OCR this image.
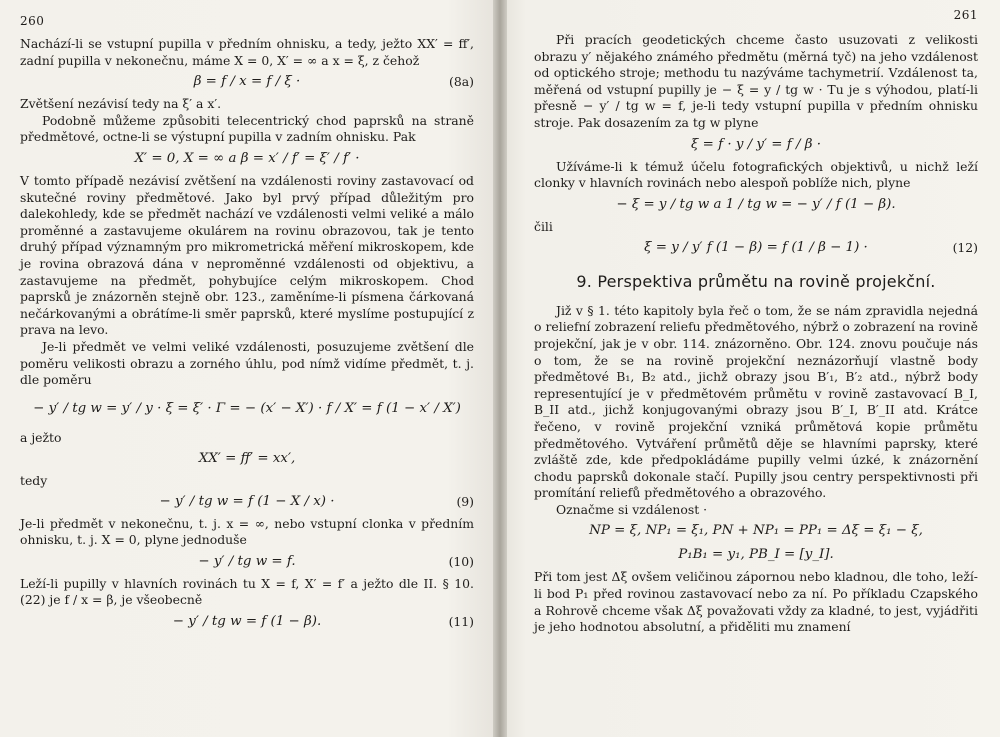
260

Nachází-li se vstupní pupilla v předním ohnisku, a tedy, ježto XX′ = ff′, zadní pupilla v nekonečnu, máme X = 0, X′ = ∞ a x = ξ, z čehož

β = f / x = f / ξ ·	(8a)

Zvětšení nezávisí tedy na ξ′ a x′.

Podobně můžeme způsobiti telecentrický chod paprsků na straně předmětové, octne-li se výstupní pupilla v zadním ohnisku. Pak

X′ = 0, X = ∞ a β = x′ / f′ = ξ′ / f′ ·

V tomto případě nezávisí zvětšení na vzdálenosti roviny zastavovací od skutečné roviny předmětové. Jako byl prvý případ důležitým pro dalekohledy, kde se předmět nachází ve vzdálenosti velmi veliké a málo proměnné a zastavujeme okulárem na rovinu obrazovou, tak je tento druhý případ významným pro mikrometrická měření mikroskopem, kde je rovina obrazová dána v neproměnné vzdálenosti od objektivu, a zastavujeme na předmět, pohybujíce celým mikroskopem. Chod paprsků je znázorněn stejně obr. 123., zaměníme-li písmena čárkovaná nečárkovanými a obrátíme-li směr paprsků, které myslíme postupující z prava na levo.

Je-li předmět ve velmi veliké vzdálenosti, posuzujeme zvětšení dle poměru velikosti obrazu a zorného úhlu, pod nímž vidíme předmět, t. j. dle poměru

− y′ / tg w = y′ / y · ξ = ξ′ · Γ = − (x′ − X′) · f / X′ = f (1 − x′ / X′)

a ježto

XX′ = ff′ = xx′,

tedy

− y′ / tg w = f (1 − X / x) ·	(9)

Je-li předmět v nekonečnu, t. j. x = ∞, nebo vstupní clonka v předním ohnisku, t. j. X = 0, plyne jednoduše

− y′ / tg w = f.	(10)

Leží-li pupilly v hlavních rovinách tu X = f, X′ = f′ a ježto dle II. § 10. (22) je f / x = β, je všeobecně

− y′ / tg w = f (1 − β).	(11)
261

Při pracích geodetických chceme často usuzovati z velikosti obrazu y′ nějakého známého předmětu (měrná tyč) na jeho vzdálenost od optického stroje; methodu tu nazýváme tachymetrií. Vzdálenost ta, měřená od vstupní pupilly je − ξ = y / tg w · Tu je s výhodou, platí-li přesně − y′ / tg w = f, je-li tedy vstupní pupilla v předním ohnisku stroje. Pak dosazením za tg w plyne

ξ = f · y / y′ = f / β ·

Užíváme-li k témuž účelu fotografických objektivů, u nichž leží clonky v hlavních rovinách nebo alespoň poblíže nich, plyne

− ξ = y / tg w a 1 / tg w = − y′ / f (1 − β).

čili

ξ = y / y′ f (1 − β) = f (1 / β − 1) ·	(12)
9. Perspektiva průmětu na rovině projekční.

Již v § 1. této kapitoly byla řeč o tom, že se nám zpravidla nejedná o reliefní zobrazení reliefu předmětového, nýbrž o zobrazení na rovině projekční, jak je v obr. 114. znázorněno. Obr. 124. znovu poučuje nás o tom, že se na rovině projekční neznázorňují vlastně body předmětové B₁, B₂ atd., jichž obrazy jsou B′₁, B′₂ atd., nýbrž body representující je v předmětovém průmětu v rovině zastavovací B_I, B_II atd., jichž konjugovanými obrazy jsou B′_I, B′_II atd. Krátce řečeno, v rovině projekční vzniká průmětová kopie průmětu předmětového. Vytváření průmětů děje se hlavními paprsky, které zvláště zde, kde předpokládáme pupilly velmi úzké, k znázornění chodu paprsků dokonale stačí. Pupilly jsou centry perspektivnosti při promítání reliefů předmětového a obrazového.

Označme si vzdálenost ·

NP = ξ, NP₁ = ξ₁, PN + NP₁ = PP₁ = Δξ = ξ₁ − ξ,
P₁B₁ = y₁, PB_I = [y_I].

Při tom jest Δξ ovšem veličinou zápornou nebo kladnou, dle toho, leží-li bod P₁ před rovinou zastavovací nebo za ní. Po příkladu Czapského a Rohrově chceme však Δξ považovati vždy za kladné, to jest, vyjádřiti je jeho hodnotou absolutní, a přiděliti mu znamení
